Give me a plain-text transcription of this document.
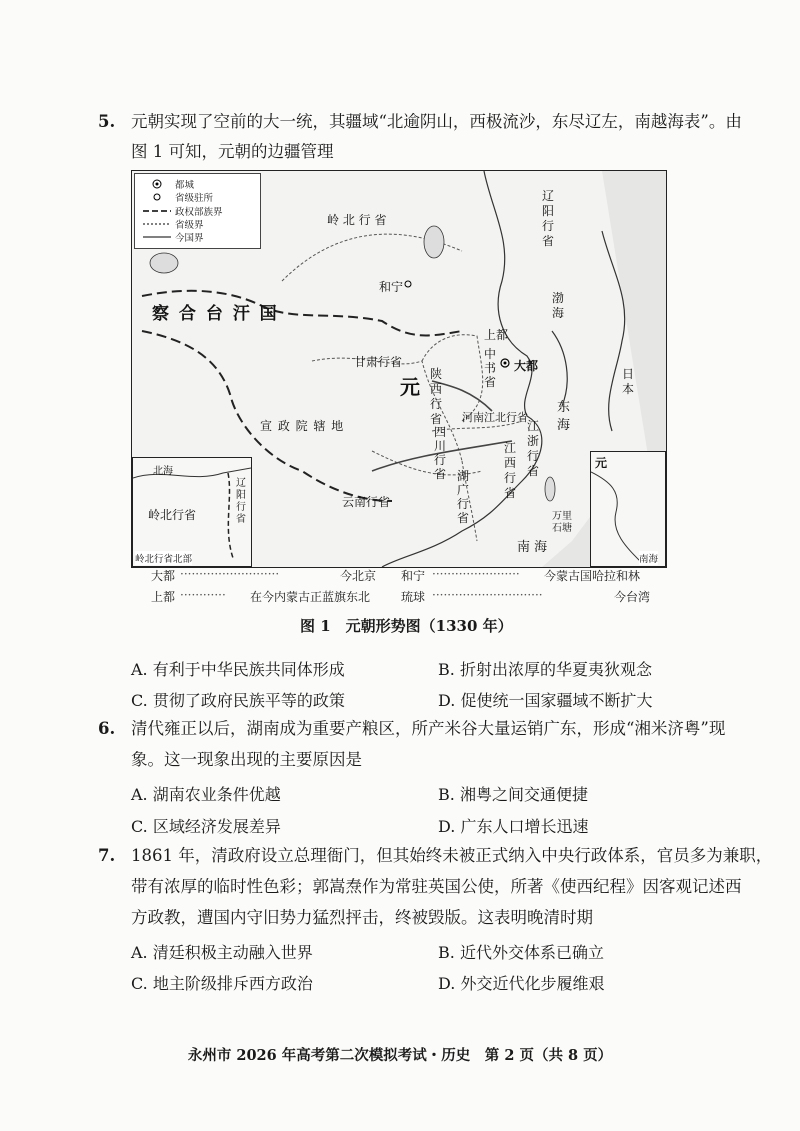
5. 元朝实现了空前的大一统，其疆域“北逾阴山，西极流沙，东尽辽左，南越海表”。由
图 1 可知，元朝的边疆管理
都城
省级驻所
政权部族界
省级界
今国界
岭 北 行 省
辽
阳
行
省
察 合 台 汗 国
甘肃行省
元
和宁
上都
大都
中
书
省
陕
西
行
省 河南江北行省
宣 政 院 辖 地	四
川
行
省
江
浙
行
省
江
西
行
省
湖
广
行
省
云南行省
东
海
南 海
渤
海
日
本
万里
石塘
北海
岭北行省
辽
阳
行
省
岭北行省北部
元
南海
大都 ··························	今北京 和宁 ······················· 今蒙古国哈拉和林
上都 ············ 在今内蒙古正蓝旗东北	琉球 ·····························	今台湾
图 1　元朝形势图（1330 年）
A. 有利于中华民族共同体形成	B. 折射出浓厚的华夏夷狄观念
C. 贯彻了政府民族平等的政策	D. 促使统一国家疆域不断扩大
6. 清代雍正以后，湖南成为重要产粮区，所产米谷大量运销广东，形成“湘米济粤”现
象。这一现象出现的主要原因是
A. 湖南农业条件优越	B. 湘粤之间交通便捷
C. 区域经济发展差异	D. 广东人口增长迅速
7. 1861 年，清政府设立总理衙门，但其始终未被正式纳入中央行政体系，官员多为兼职，
带有浓厚的临时性色彩；郭嵩焘作为常驻英国公使，所著《使西纪程》因客观记述西
方政教，遭国内守旧势力猛烈抨击，终被毁版。这表明晚清时期
A. 清廷积极主动融入世界	B. 近代外交体系已确立
C. 地主阶级排斥西方政治	D. 外交近代化步履维艰
永州市 2026 年高考第二次模拟考试・历史　第 2 页（共 8 页）
